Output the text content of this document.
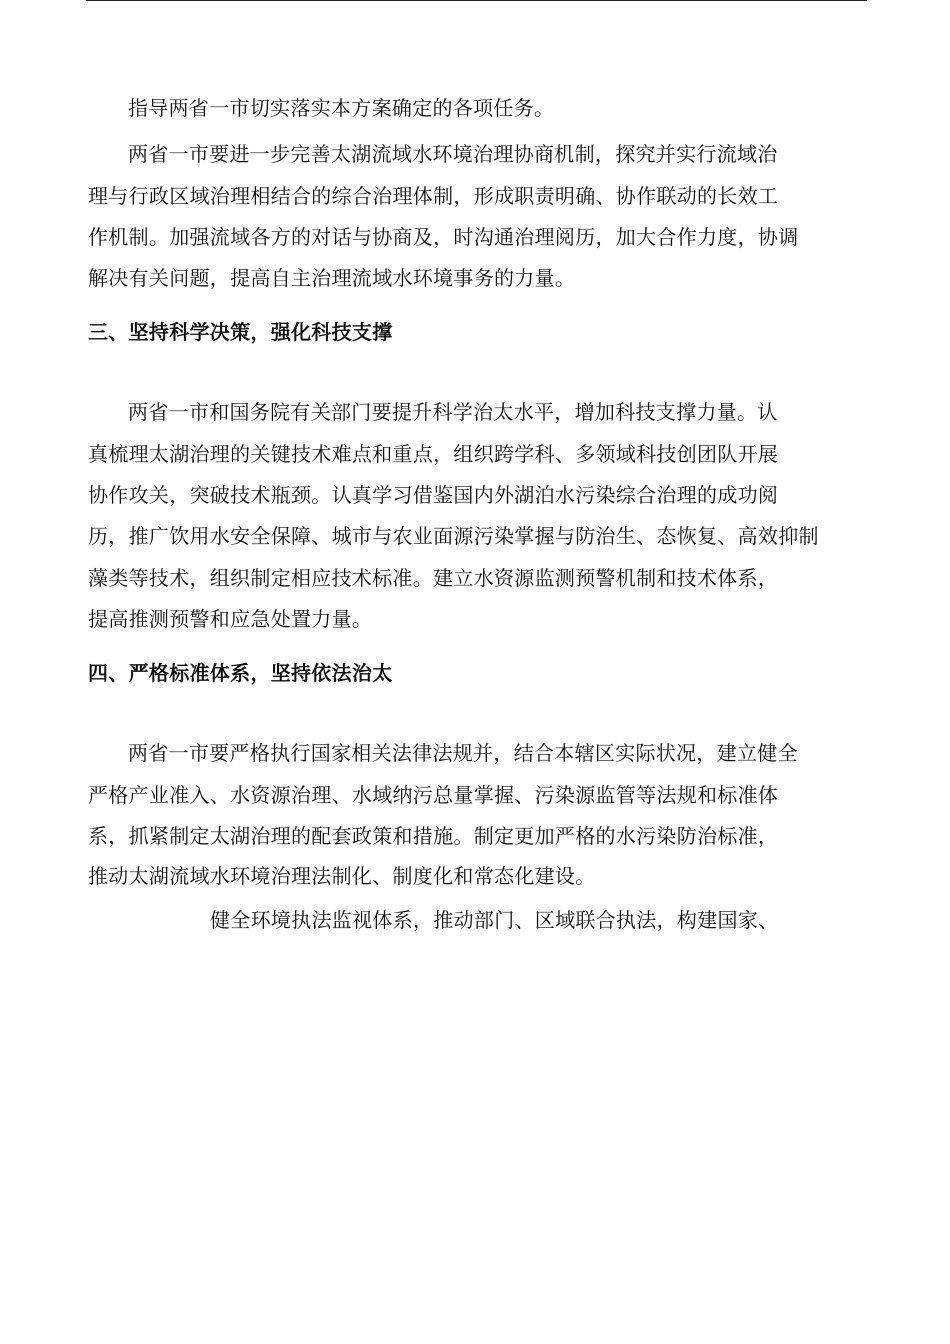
指导两省一市切实落实本方案确定的各项任务。
两省一市要进一步完善太湖流域水环境治理协商机制，探究并实行流域治
理与行政区域治理相结合的综合治理体制，形成职责明确、协作联动的长效工
作机制。加强流域各方的对话与协商及，时沟通治理阅历，加大合作力度，协调
解决有关问题，提高自主治理流域水环境事务的力量。
三、坚持科学决策，强化科技支撑
两省一市和国务院有关部门要提升科学治太水平，增加科技支撑力量。认
真梳理太湖治理的关键技术难点和重点，组织跨学科、多领域科技创团队开展
协作攻关，突破技术瓶颈。认真学习借鉴国内外湖泊水污染综合治理的成功阅
历，推广饮用水安全保障、城市与农业面源污染掌握与防治生、态恢复、高效抑制
藻类等技术，组织制定相应技术标准。建立水资源监测预警机制和技术体系，
提高推测预警和应急处置力量。
四、严格标准体系，坚持依法治太
两省一市要严格执行国家相关法律法规并，结合本辖区实际状况，建立健全
严格产业准入、水资源治理、水域纳污总量掌握、污染源监管等法规和标准体
系，抓紧制定太湖治理的配套政策和措施。制定更加严格的水污染防治标准，
推动太湖流域水环境治理法制化、制度化和常态化建设。
健全环境执法监视体系，推动部门、区域联合执法，构建国家、
